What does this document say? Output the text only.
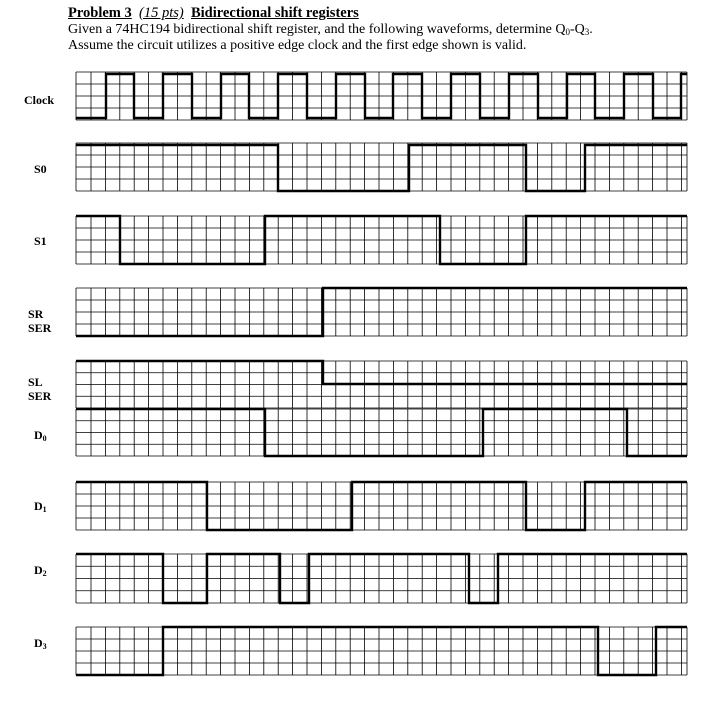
Problem 3 (15 pts) Bidirectional shift registers
Given a 74HC194 bidirectional shift register, and the following waveforms, determine $Q_0-Q_3$.
Assume the circuit utilizes a positive edge clock and the first edge shown is valid.
Clock
S0
S1
SR
SER
SL
SER
D0
D1
D2
D3
